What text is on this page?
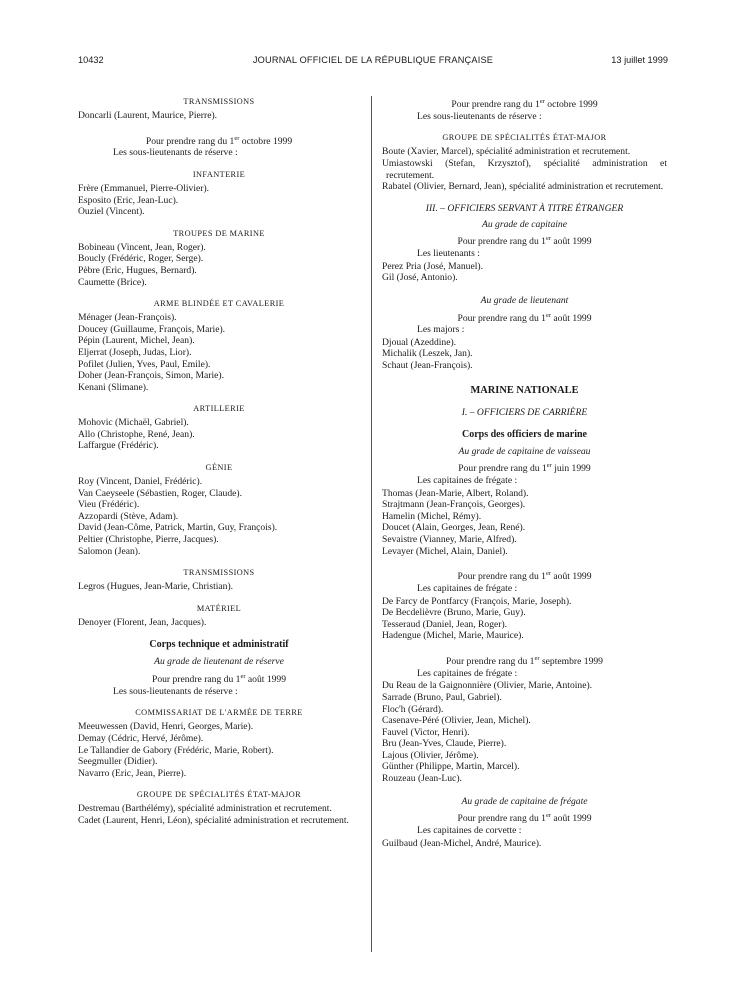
10432	JOURNAL OFFICIEL DE LA RÉPUBLIQUE FRANÇAISE	13 juillet 1999
TRANSMISSIONS
Doncarli (Laurent, Maurice, Pierre).
Pour prendre rang du 1er octobre 1999
Les sous-lieutenants de réserve :
INFANTERIE
Frère (Emmanuel, Pierre-Olivier).
Esposito (Eric, Jean-Luc).
Ouziel (Vincent).
TROUPES DE MARINE
Bobineau (Vincent, Jean, Roger).
Boucly (Frédéric, Roger, Serge).
Pèbre (Eric, Hugues, Bernard).
Caumette (Brice).
ARME BLINDÉE ET CAVALERIE
Ménager (Jean-François).
Doucey (Guillaume, François, Marie).
Pépin (Laurent, Michel, Jean).
Eljerrat (Joseph, Judas, Lior).
Pofilet (Julien, Yves, Paul, Emile).
Doher (Jean-François, Simon, Marie).
Kenani (Slimane).
ARTILLERIE
Mohovic (Michaël, Gabriel).
Allo (Christophe, René, Jean).
Laffargue (Frédéric).
GÉNIE
Roy (Vincent, Daniel, Frédéric).
Van Caeyseele (Sébastien, Roger, Claude).
Vieu (Frédéric).
Azzopardi (Stève, Adam).
David (Jean-Côme, Patrick, Martin, Guy, François).
Peltier (Christophe, Pierre, Jacques).
Salomon (Jean).
TRANSMISSIONS
Legros (Hugues, Jean-Marie, Christian).
MATÉRIEL
Denoyer (Florent, Jean, Jacques).
Corps technique et administratif
Au grade de lieutenant de réserve
Pour prendre rang du 1er août 1999
Les sous-lieutenants de réserve :
COMMISSARIAT DE L'ARMÉE DE TERRE
Meeuwessen (David, Henri, Georges, Marie).
Demay (Cédric, Hervé, Jérôme).
Le Tallandier de Gabory (Frédéric, Marie, Robert).
Seegmuller (Didier).
Navarro (Eric, Jean, Pierre).
GROUPE DE SPÉCIALITÉS ÉTAT-MAJOR
Destremau (Barthélémy), spécialité administration et recrutement.
Cadet (Laurent, Henri, Léon), spécialité administration et recrutement.
Pour prendre rang du 1er octobre 1999
Les sous-lieutenants de réserve :
GROUPE DE SPÉCIALITÉS ÉTAT-MAJOR
Boute (Xavier, Marcel), spécialité administration et recrutement.
Umiastowski (Stefan, Krzysztof), spécialité administration et recrutement.
Rabatel (Olivier, Bernard, Jean), spécialité administration et recrutement.
III. – OFFICIERS SERVANT À TITRE ÉTRANGER
Au grade de capitaine
Pour prendre rang du 1er août 1999
Les lieutenants :
Perez Pria (José, Manuel).
Gil (José, Antonio).
Au grade de lieutenant
Pour prendre rang du 1er août 1999
Les majors :
Djoual (Azeddine).
Michalik (Leszek, Jan).
Schaut (Jean-François).
MARINE NATIONALE
I. – OFFICIERS DE CARRIÈRE
Corps des officiers de marine
Au grade de capitaine de vaisseau
Pour prendre rang du 1er juin 1999
Les capitaines de frégate :
Thomas (Jean-Marie, Albert, Roland).
Strajtmann (Jean-François, Georges).
Hamelin (Michel, Rémy).
Doucet (Alain, Georges, Jean, René).
Sevaistre (Vianney, Marie, Alfred).
Levayer (Michel, Alain, Daniel).
Pour prendre rang du 1er août 1999
Les capitaines de frégate :
De Farcy de Pontfarcy (François, Marie, Joseph).
De Becdelièvre (Bruno, Marie, Guy).
Tesseraud (Daniel, Jean, Roger).
Hadengue (Michel, Marie, Maurice).
Pour prendre rang du 1er septembre 1999
Les capitaines de frégate :
Du Reau de la Gaignonnière (Olivier, Marie, Antoine).
Sarrade (Bruno, Paul, Gabriel).
Floc'h (Gérard).
Casenave-Péré (Olivier, Jean, Michel).
Fauvel (Victor, Henri).
Bru (Jean-Yves, Claude, Pierre).
Lajous (Olivier, Jérôme).
Günther (Philippe, Martin, Marcel).
Rouzeau (Jean-Luc).
Au grade de capitaine de frégate
Pour prendre rang du 1er août 1999
Les capitaines de corvette :
Guilbaud (Jean-Michel, André, Maurice).
